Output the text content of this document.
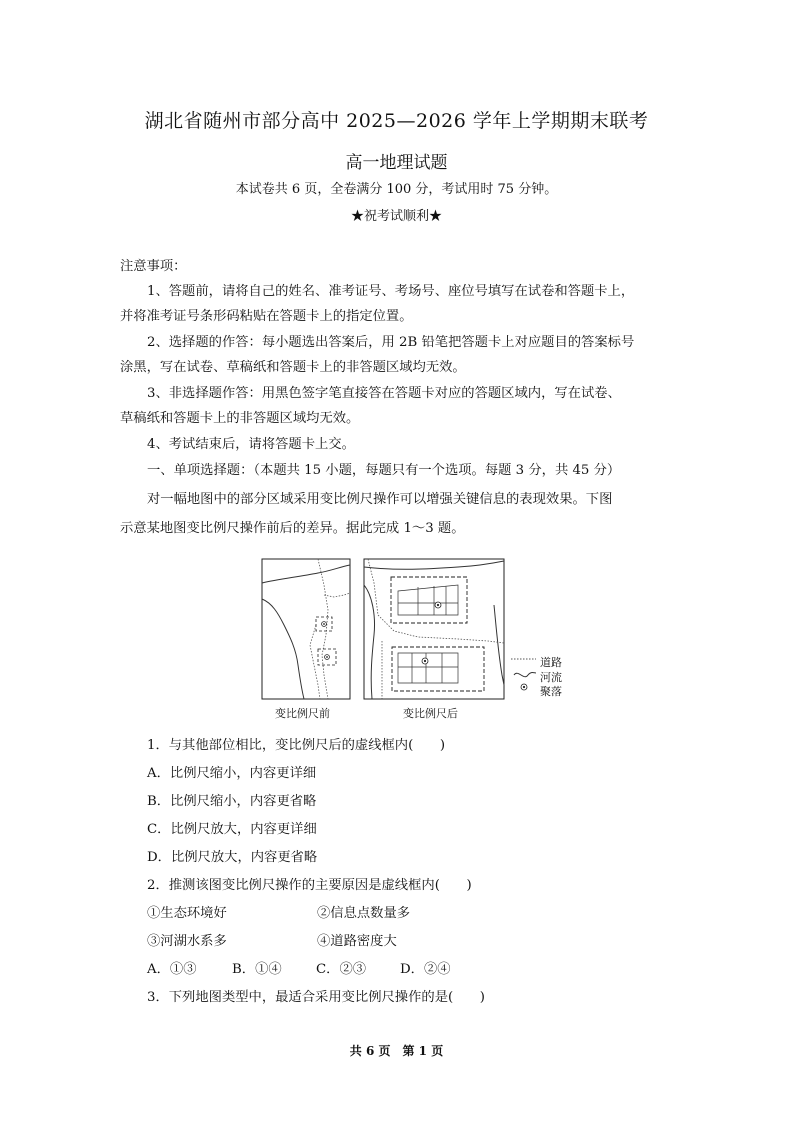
湖北省随州市部分高中 2025—2026 学年上学期期末联考
高一地理试题
本试卷共 6 页，全卷满分 100 分，考试用时 75 分钟。
★祝考试顺利★
注意事项：
1、答题前，请将自己的姓名、准考证号、考场号、座位号填写在试卷和答题卡上，
并将准考证号条形码粘贴在答题卡上的指定位置。
2、选择题的作答：每小题选出答案后，用 2B 铅笔把答题卡上对应题目的答案标号
涂黑，写在试卷、草稿纸和答题卡上的非答题区域均无效。
3、非选择题作答：用黑色签字笔直接答在答题卡对应的答题区域内，写在试卷、
草稿纸和答题卡上的非答题区域均无效。
4、考试结束后，请将答题卡上交。
一、单项选择题：（本题共 15 小题，每题只有一个选项。每题 3 分，共 45 分）
对一幅地图中的部分区域采用变比例尺操作可以增强关键信息的表现效果。下图
示意某地图变比例尺操作前后的差异。据此完成 1～3 题。
道路
河流
聚落
变比例尺前	变比例尺后
1．与其他部位相比，变比例尺后的虚线框内(　　)
A．比例尺缩小，内容更详细
B．比例尺缩小，内容更省略
C．比例尺放大，内容更详细
D．比例尺放大，内容更省略
2．推测该图变比例尺操作的主要原因是虚线框内(　　)
①生态环境好	②信息点数量多
③河湖水系多	④道路密度大
A．①③	B．①④	C．②③	D．②④
3．下列地图类型中，最适合采用变比例尺操作的是(　　)
共 6 页　第 1 页
